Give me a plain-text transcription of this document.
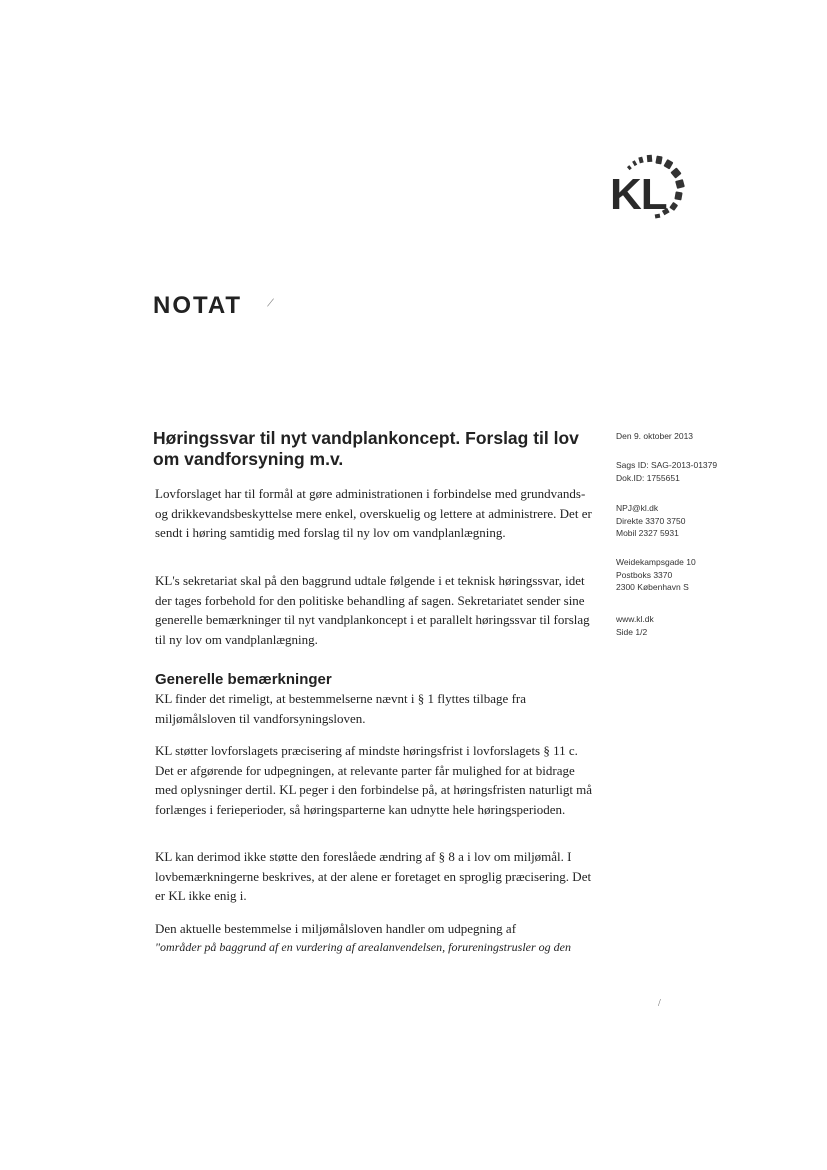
KL
NOTAT /
Høringssvar til nyt vandplankoncept. Forslag til lov om vandforsyning m.v.
Den 9. oktober 2013
Sags ID: SAG-2013-01379
Dok.ID: 1755651
NPJ@kl.dk
Direkte 3370 3750
Mobil 2327 5931
Weidekampsgade 10
Postboks 3370
2300 København S
www.kl.dk
Side 1/2

Lovforslaget har til formål at gøre administrationen i forbindelse med grundvands- og drikkevandsbeskyttelse mere enkel, overskuelig og lettere at administrere. Det er sendt i høring samtidig med forslag til ny lov om vandplanlægning.

KL's sekretariat skal på den baggrund udtale følgende i et teknisk høringssvar, idet der tages forbehold for den politiske behandling af sagen. Sekretariatet sender sine generelle bemærkninger til nyt vandplankoncept i et parallelt høringssvar til forslag til ny lov om vandplanlægning.

Generelle bemærkninger

KL finder det rimeligt, at bestemmelserne nævnt i § 1 flyttes tilbage fra miljømålsloven til vandforsyningsloven.

KL støtter lovforslagets præcisering af mindste høringsfrist i lovforslagets § 11 c. Det er afgørende for udpegningen, at relevante parter får mulighed for at bidrage med oplysninger dertil. KL peger i den forbindelse på, at høringsfristen naturligt må forlænges i ferieperioder, så høringsparterne kan udnytte hele høringsperioden.

KL kan derimod ikke støtte den foreslåede ændring af § 8 a i lov om miljømål. I lovbemærkningerne beskrives, at der alene er foretaget en sproglig præcisering. Det er KL ikke enig i.

Den aktuelle bestemmelse i miljømålsloven handler om udpegning af

"områder på baggrund af en vurdering af arealanvendelsen, forureningstrusler og den

/
